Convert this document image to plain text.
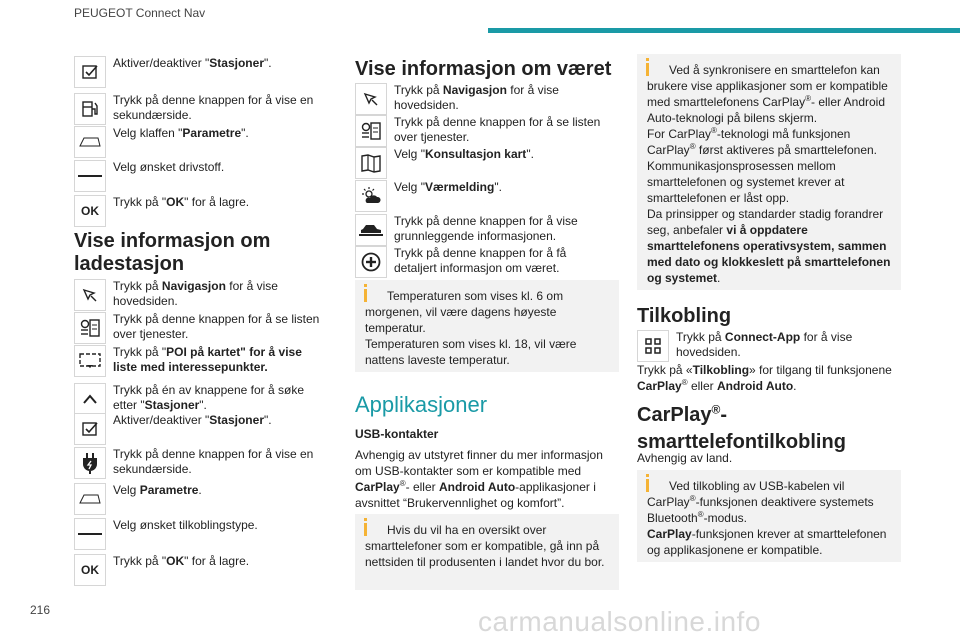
PEUGEOT Connect Nav
Aktiver/deaktiver "Stasjoner".
Trykk på denne knappen for å vise en sekundærside.
Velg klaffen "Parametre".
Velg ønsket drivstoff.
OK
Trykk på "OK" for å lagre.
Vise informasjon om ladestasjon
Trykk på Navigasjon for å vise hovedsiden.
Trykk på denne knappen for å se listen over tjenester.
Trykk på "POI på kartet" for å vise liste med interessepunkter.
Trykk på én av knappene for å søke etter "Stasjoner".
Aktiver/deaktiver "Stasjoner".
Trykk på denne knappen for å vise en sekundærside.
Velg Parametre.
Velg ønsket tilkoblingstype.
OK
Trykk på "OK" for å lagre.
Vise informasjon om været
Trykk på Navigasjon for å vise hovedsiden.
Trykk på denne knappen for å se listen over tjenester.
Velg "Konsultasjon kart".
Velg "Værmelding".
Trykk på denne knappen for å vise grunnleggende informasjonen.
Trykk på denne knappen for å få detaljert informasjon om været.

Temperaturen som vises kl. 6 om morgenen, vil være dagens høyeste temperatur.

Temperaturen som vises kl. 18, vil være nattens laveste temperatur.

Applikasjoner
USB-kontakter
Avhengig av utstyret finner du mer informasjon om USB-kontakter som er kompatible med CarPlay®- eller Android Auto-applikasjoner i avsnittet “Brukervennlighet og komfort”.

Hvis du vil ha en oversikt over smarttelefoner som er kompatible, gå inn på nettsiden til produsenten i landet hvor du bor.

Ved å synkronisere en smarttelefon kan brukere vise applikasjoner som er kompatible med smarttelefonens CarPlay®- eller Android Auto-teknologi på bilens skjerm.

For CarPlay®-teknologi må funksjonen CarPlay® først aktiveres på smarttelefonen.

Kommunikasjonsprosessen mellom smarttelefonen og systemet krever at smarttelefonen er låst opp.

Da prinsipper og standarder stadig forandrer seg, anbefaler vi å oppdatere smarttelefonens operativsystem, sammen med dato og klokkeslett på smarttelefonen og systemet.

Tilkobling
Trykk på Connect-App for å vise hovedsiden.
Trykk på «Tilkobling» for tilgang til funksjonene CarPlay® eller Android Auto.
CarPlay®-
smarttelefontilkobling
Avhengig av land.

Ved tilkobling av USB-kabelen vil CarPlay®-funksjonen deaktivere systemets Bluetooth®-modus.

CarPlay-funksjonen krever at smarttelefonen og applikasjonene er kompatible.

216	carmanualsonline.info
